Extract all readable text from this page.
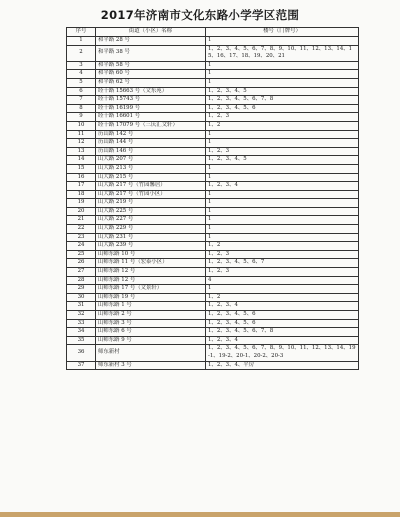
2017年济南市文化东路小学学区范围
序号	街道（小区）名称	楼号（门牌号）
1	和平路 28 号	1
2	和平路 38 号	1、2、3、4、5、6、7、8、9、10、11、12、13、14、15、16、17、18、19、20、21
3	和平路 58 号	1
4	和平路 60 号	1
5	和平路 62 号	1
6	经十路 15663 号（文东苑）	1、2、3、4、5
7	经十路 15743 号	1、2、3、4、5、6、7、8
8	经十路 16199 号	1、2、3、4、5、6
9	经十路 16601 号	1、2、3
10	经十路 17079 号（三庆汇文轩）	1、2
11	历山路 142 号	1
12	历山路 144 号	1
13	历山路 146 号	1、2、3
14	山大路 207 号	1、2、3、4、5
15	山大路 213 号	1
16	山大路 215 号	1
17	山大路 217 号（竹园馨居）	1、2、3、4
18	山大路 217 号（竹园小区）	1
19	山大路 219 号	1
20	山大路 225 号	1
21	山大路 227 号	1
22	山大路 229 号	1
23	山大路 231 号	1
24	山大路 239 号	1、2
25	山师东路 10 号	1、2、3
26	山师东路 11 号（宏泰小区）	1、2、3、4、5、6、7
27	山师东路 12 号	1、2、3
28	山师东路 12 号	4
29	山师东路 17 号（文景轩）	1
30	山师东路 19 号	1、2
31	山师东路 1 号	1、2、3、4
32	山师东路 2 号	1、2、3、4、5、6
33	山师东路 3 号	1、2、3、4、5、6
34	山师东路 6 号	1、2、3、4、5、6、7、8
35	山师东路 9 号	1、2、3、4
36	师东新村	1、2、3、4、5、6、7、8、9、10、11、12、13、14、19-1、19-2、20-1、20-2、20-3
37	师东新村 3 号	1、2、3、4、平房
